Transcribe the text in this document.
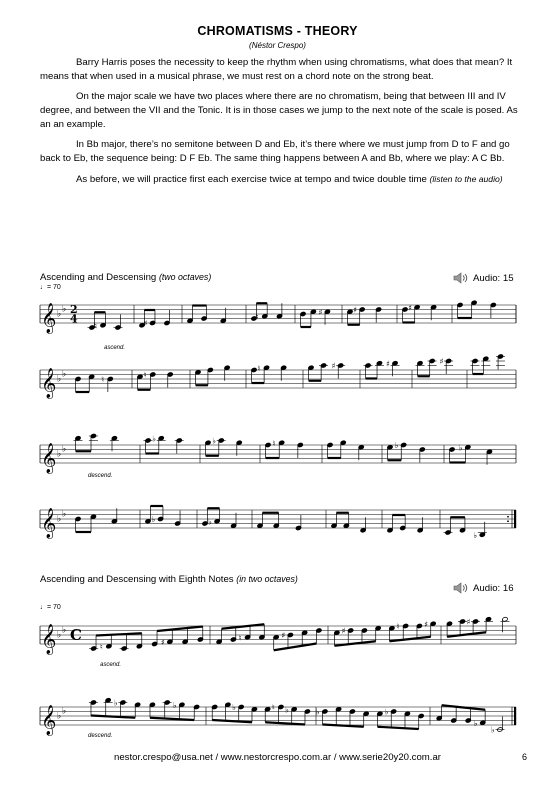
CHROMATISMS - THEORY
(Néstor Crespo)

Barry Harris poses the necessity to keep the rhythm when using chromatisms, what does that mean? It means that when used in a musical phrase, we must rest on a chord note on the strong beat.

On the major scale we have two places where there are no chromatism, being that between III and IV degree, and between the VII and the Tonic. It is in those cases we jump to the next note of the scale is posed. As an an example.

In Bb major, there’s no semitone between D and Eb, it’s there where we must jump from D to F and go back to Eb, the sequence being: D F Eb. The same thing happens between A and Bb, where we play: A C Bb.

As before, we will practice first each exercise twice at tempo and twice double time (listen to the audio)

Ascending and Descensing (two octaves)	Audio: 15
♩= 70
Ascending and Descensing with Eighth Notes (in two octaves)
Audio: 16
♩= 70
𝄞 ♭
♭ 2
4
♮	♯
♮	♯	♯	♯
𝄞 ♭
♭
♮	♮
♮	♯	♯	♯
𝄞 ♭
♭
♭	♭	♮	♭	♭
𝄞 ♭
♭
♭	♭
♭
𝄞 ♭
♭ C
♮	♯	♮	♯	♯	♮	♯	♯
𝄞 ♭
♭
♭	♭	♭	♮ ♭	♭	♭
♭
♭
ascend.
descend.
ascend.
descend.
nestor.crespo@usa.net / www.nestorcrespo.com.ar / www.serie20y20.com.ar	6
